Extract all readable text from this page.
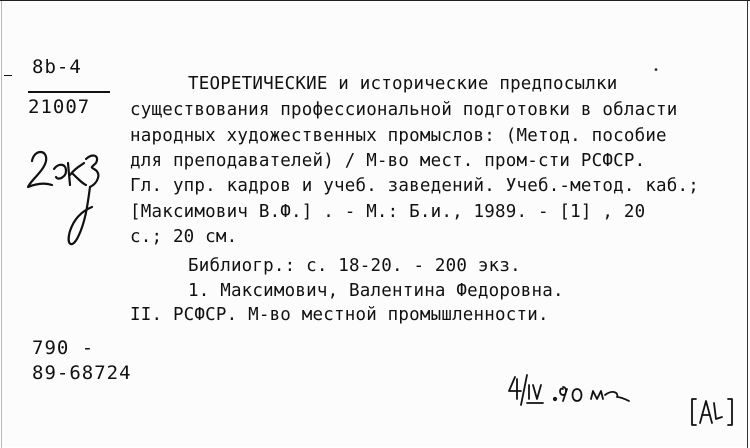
8b-4
21007
ТЕОРЕТИЧЕСКИЕ и исторические предпосылки
•
существования профессиональной подготовки в области
народных художественных промыслов: (Метод. пособие
для преподавателей) / М-во мест. пром-сти РСФСР.
Гл. упр. кадров и учеб. заведений. Учеб.-метод. каб.;
[Максимович В.Ф.] . - М.: Б.и., 1989. - [1] , 20
с.; 20 см.
Библиогр.: с. 18-20. - 200 экз.
1. Максимович, Валентина Федоровна.
II. РСФСР. М-во местной промышленности.
790 -
89-68724
